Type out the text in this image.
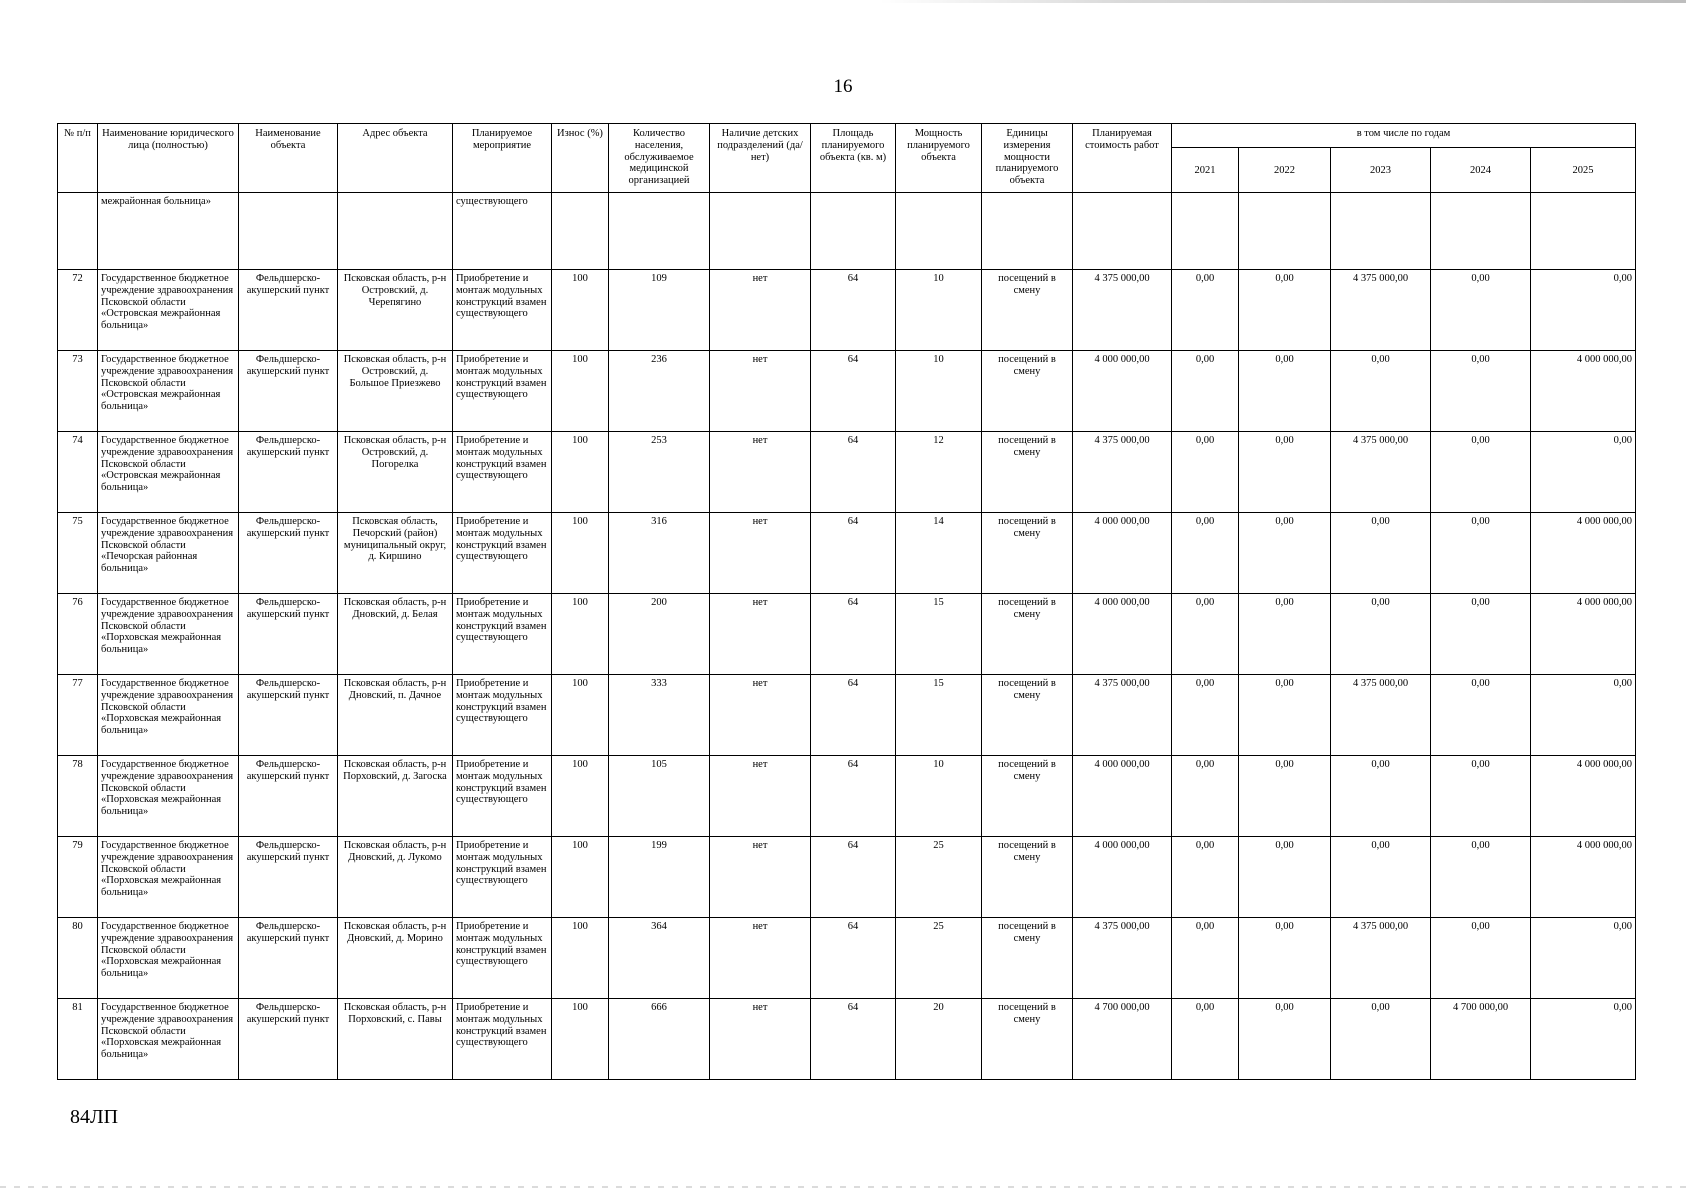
16
№ п/п	Наименование юридического лица (полностью)	Наименование объекта	Адрес объекта	Планируемое мероприятие	Износ (%)	Количество населения, обслуживаемое медицинской организацией	Наличие детских подразделений (да/нет)	Площадь планируемого объекта (кв. м)	Мощность планируемого объекта	Единицы измерения мощности планируемого объекта	Планируемая стоимость работ	в том числе по годам				
												2021	2022	2023	2024	2025
	межрайонная больница»			существующего												
72	Государственное бюджетное учреждение здравоохранения Псковской области «Островская межрайонная больница»	Фельдшерско-акушерский пункт	Псковская область, р-н Островский, д. Черепягино	Приобретение и монтаж модульных конструкций взамен существующего	100	109	нет	64	10	посещений в смену	4 375 000,00	0,00	0,00	4 375 000,00	0,00	0,00
73	Государственное бюджетное учреждение здравоохранения Псковской области «Островская межрайонная больница»	Фельдшерско-акушерский пункт	Псковская область, р-н Островский, д. Большое Приезжево	Приобретение и монтаж модульных конструкций взамен существующего	100	236	нет	64	10	посещений в смену	4 000 000,00	0,00	0,00	0,00	0,00	4 000 000,00
74	Государственное бюджетное учреждение здравоохранения Псковской области «Островская межрайонная больница»	Фельдшерско-акушерский пункт	Псковская область, р-н Островский, д. Погорелка	Приобретение и монтаж модульных конструкций взамен существующего	100	253	нет	64	12	посещений в смену	4 375 000,00	0,00	0,00	4 375 000,00	0,00	0,00
75	Государственное бюджетное учреждение здравоохранения Псковской области «Печорская районная больница»	Фельдшерско-акушерский пункт	Псковская область, Печорский (район) муниципальный округ, д. Киршино	Приобретение и монтаж модульных конструкций взамен существующего	100	316	нет	64	14	посещений в смену	4 000 000,00	0,00	0,00	0,00	0,00	4 000 000,00
76	Государственное бюджетное учреждение здравоохранения Псковской области «Порховская межрайонная больница»	Фельдшерско-акушерский пункт	Псковская область, р-н Дновский, д. Белая	Приобретение и монтаж модульных конструкций взамен существующего	100	200	нет	64	15	посещений в смену	4 000 000,00	0,00	0,00	0,00	0,00	4 000 000,00
77	Государственное бюджетное учреждение здравоохранения Псковской области «Порховская межрайонная больница»	Фельдшерско-акушерский пункт	Псковская область, р-н Дновский, п. Дачное	Приобретение и монтаж модульных конструкций взамен существующего	100	333	нет	64	15	посещений в смену	4 375 000,00	0,00	0,00	4 375 000,00	0,00	0,00
78	Государственное бюджетное учреждение здравоохранения Псковской области «Порховская межрайонная больница»	Фельдшерско-акушерский пункт	Псковская область, р-н Порховский, д. Загоска	Приобретение и монтаж модульных конструкций взамен существующего	100	105	нет	64	10	посещений в смену	4 000 000,00	0,00	0,00	0,00	0,00	4 000 000,00
79	Государственное бюджетное учреждение здравоохранения Псковской области «Порховская межрайонная больница»	Фельдшерско-акушерский пункт	Псковская область, р-н Дновский, д. Лукомо	Приобретение и монтаж модульных конструкций взамен существующего	100	199	нет	64	25	посещений в смену	4 000 000,00	0,00	0,00	0,00	0,00	4 000 000,00
80	Государственное бюджетное учреждение здравоохранения Псковской области «Порховская межрайонная больница»	Фельдшерско-акушерский пункт	Псковская область, р-н Дновский, д. Морино	Приобретение и монтаж модульных конструкций взамен существующего	100	364	нет	64	25	посещений в смену	4 375 000,00	0,00	0,00	4 375 000,00	0,00	0,00
81	Государственное бюджетное учреждение здравоохранения Псковской области «Порховская межрайонная больница»	Фельдшерско-акушерский пункт	Псковская область, р-н Порховский, с. Павы	Приобретение и монтаж модульных конструкций взамен существующего	100	666	нет	64	20	посещений в смену	4 700 000,00	0,00	0,00	0,00	4 700 000,00	0,00
84ЛП
